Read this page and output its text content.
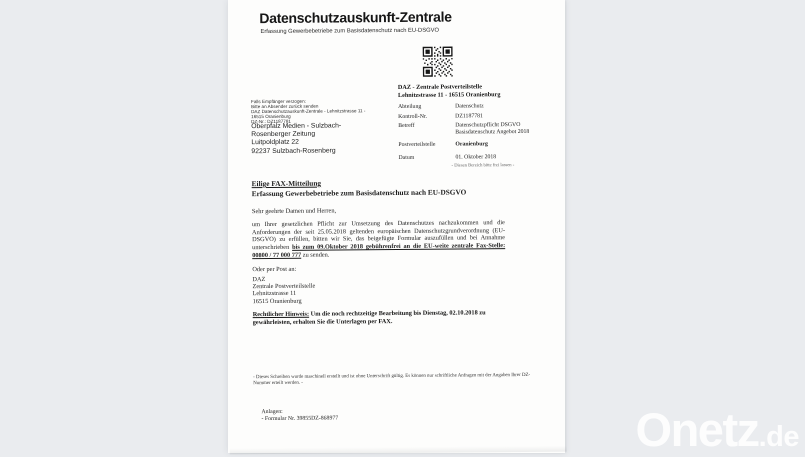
Datenschutzauskunft-Zentrale
Erfassung Gewerbebetriebe zum Basisdatenschutz nach EU-DSGVO
DAZ - Zentrale Postverteilstelle
Lehnitzstrasse 11 - 16515 Oranienburg
Abteilung	Datenschutz
Kontroll-Nr.	DZ1187781
Betreff	Datenschutzpflicht DSGVO
Basisdatenschutz Angebot 2018
Postverteilstelle	Oranienburg
Datum	01. Oktober 2018
Falls Empfänger verzogen:
Bitte an Absender zurück senden
DAZ Datenschutzauskunft-Zentrale - Lehnitzstrasse 11 -
16515 Oranienburg
DZ-Nr.: DZ1187781
Oberpfalz Medien - Sulzbach-
Rosenberger Zeitung
Luitpoldplatz 22
92237 Sulzbach-Rosenberg
- Diesen Bereich bitte frei lassen -
Eilige FAX-Mitteilung
Erfassung Gewerbebetriebe zum Basisdatenschutz nach EU-DSGVO
Sehr geehrte Damen und Herren,
um Ihrer gesetzlichen Pflicht zur Umsetzung des Datenschutzes nachzukommen und die Anforderungen der seit 25.05.2018 geltenden europäischen Datenschutzgrundverordnung (EU-DSGVO) zu erfüllen, bitten wir Sie, das beigefügte Formular auszufüllen und bei Annahme unterschrieben bis zum 09.Oktober 2018 gebührenfrei an die EU-weite zentrale Fax-Stelle: 00800 / 77 000 777 zu senden.
Oder per Post an:
DAZ
Zentrale Postverteilstelle
Lehnitzstrasse 11
16515 Oranienburg
Rechtlicher Hinweis: Um die noch rechtzeitige Bearbeitung bis Dienstag, 02.10.2018 zu gewährleisten, erhalten Sie die Unterlagen per FAX.
- Dieses Schreiben wurde maschinell erstellt und ist ohne Unterschrift gültig. Es können nur schriftliche Anfragen mit der Angaben Ihrer DZ-Nummer erteilt werden. -
Anlagen:
- Formular Nr. 39855DZ-868977	Onetz .de
